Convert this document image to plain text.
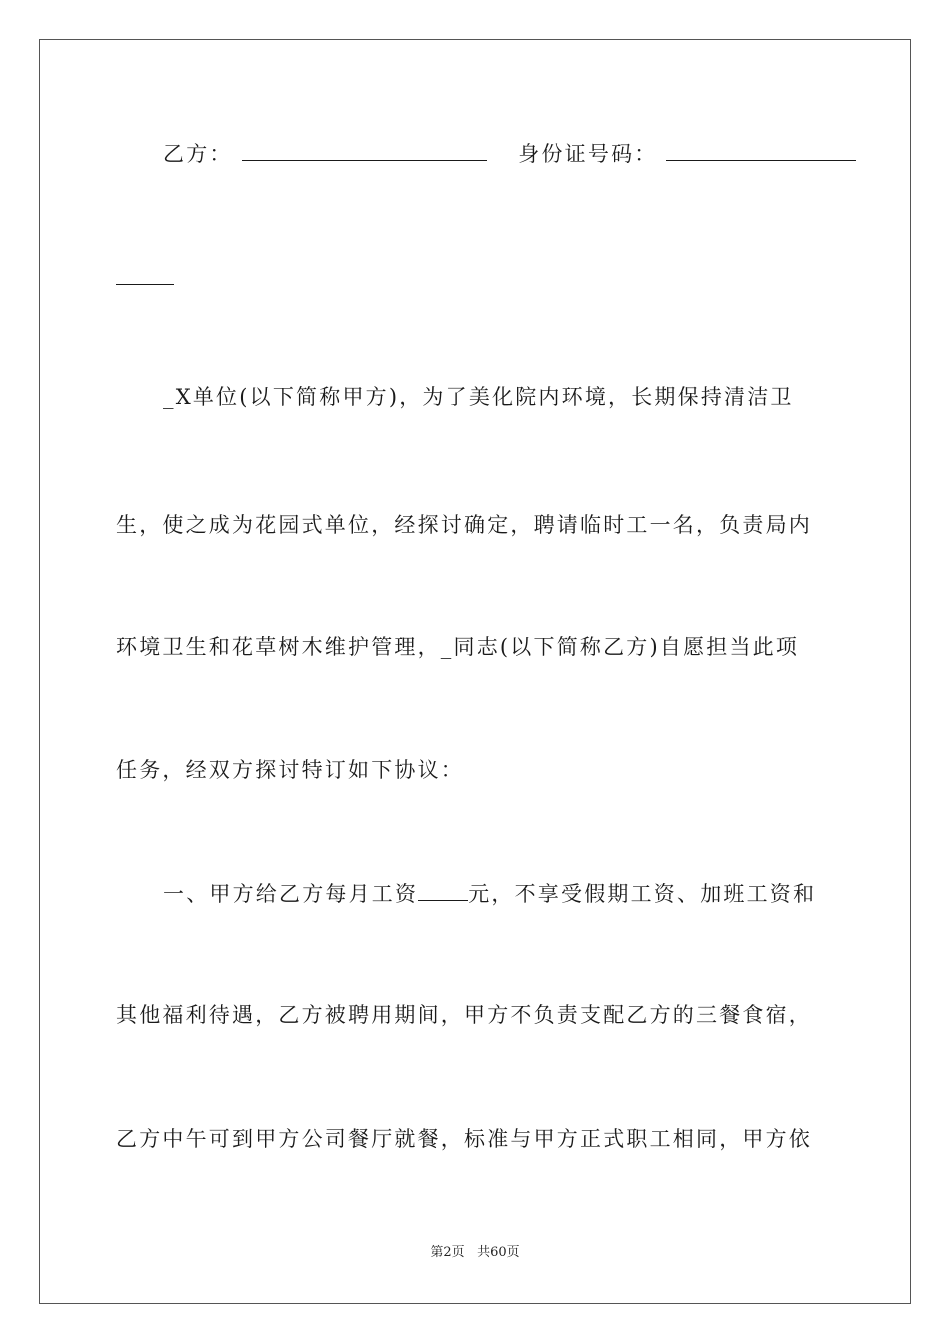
乙方：	身份证号码：
_X单位(以下简称甲方)，为了美化院内环境，长期保持清洁卫
生，使之成为花园式单位，经探讨确定，聘请临时工一名，负责局内
环境卫生和花草树木维护管理，_同志(以下简称乙方)自愿担当此项
任务，经双方探讨特订如下协议：
一、甲方给乙方每月工资 元，不享受假期工资、加班工资和
其他福利待遇，乙方被聘用期间，甲方不负责支配乙方的三餐食宿，
乙方中午可到甲方公司餐厅就餐，标准与甲方正式职工相同，甲方依
第2页 共60页
